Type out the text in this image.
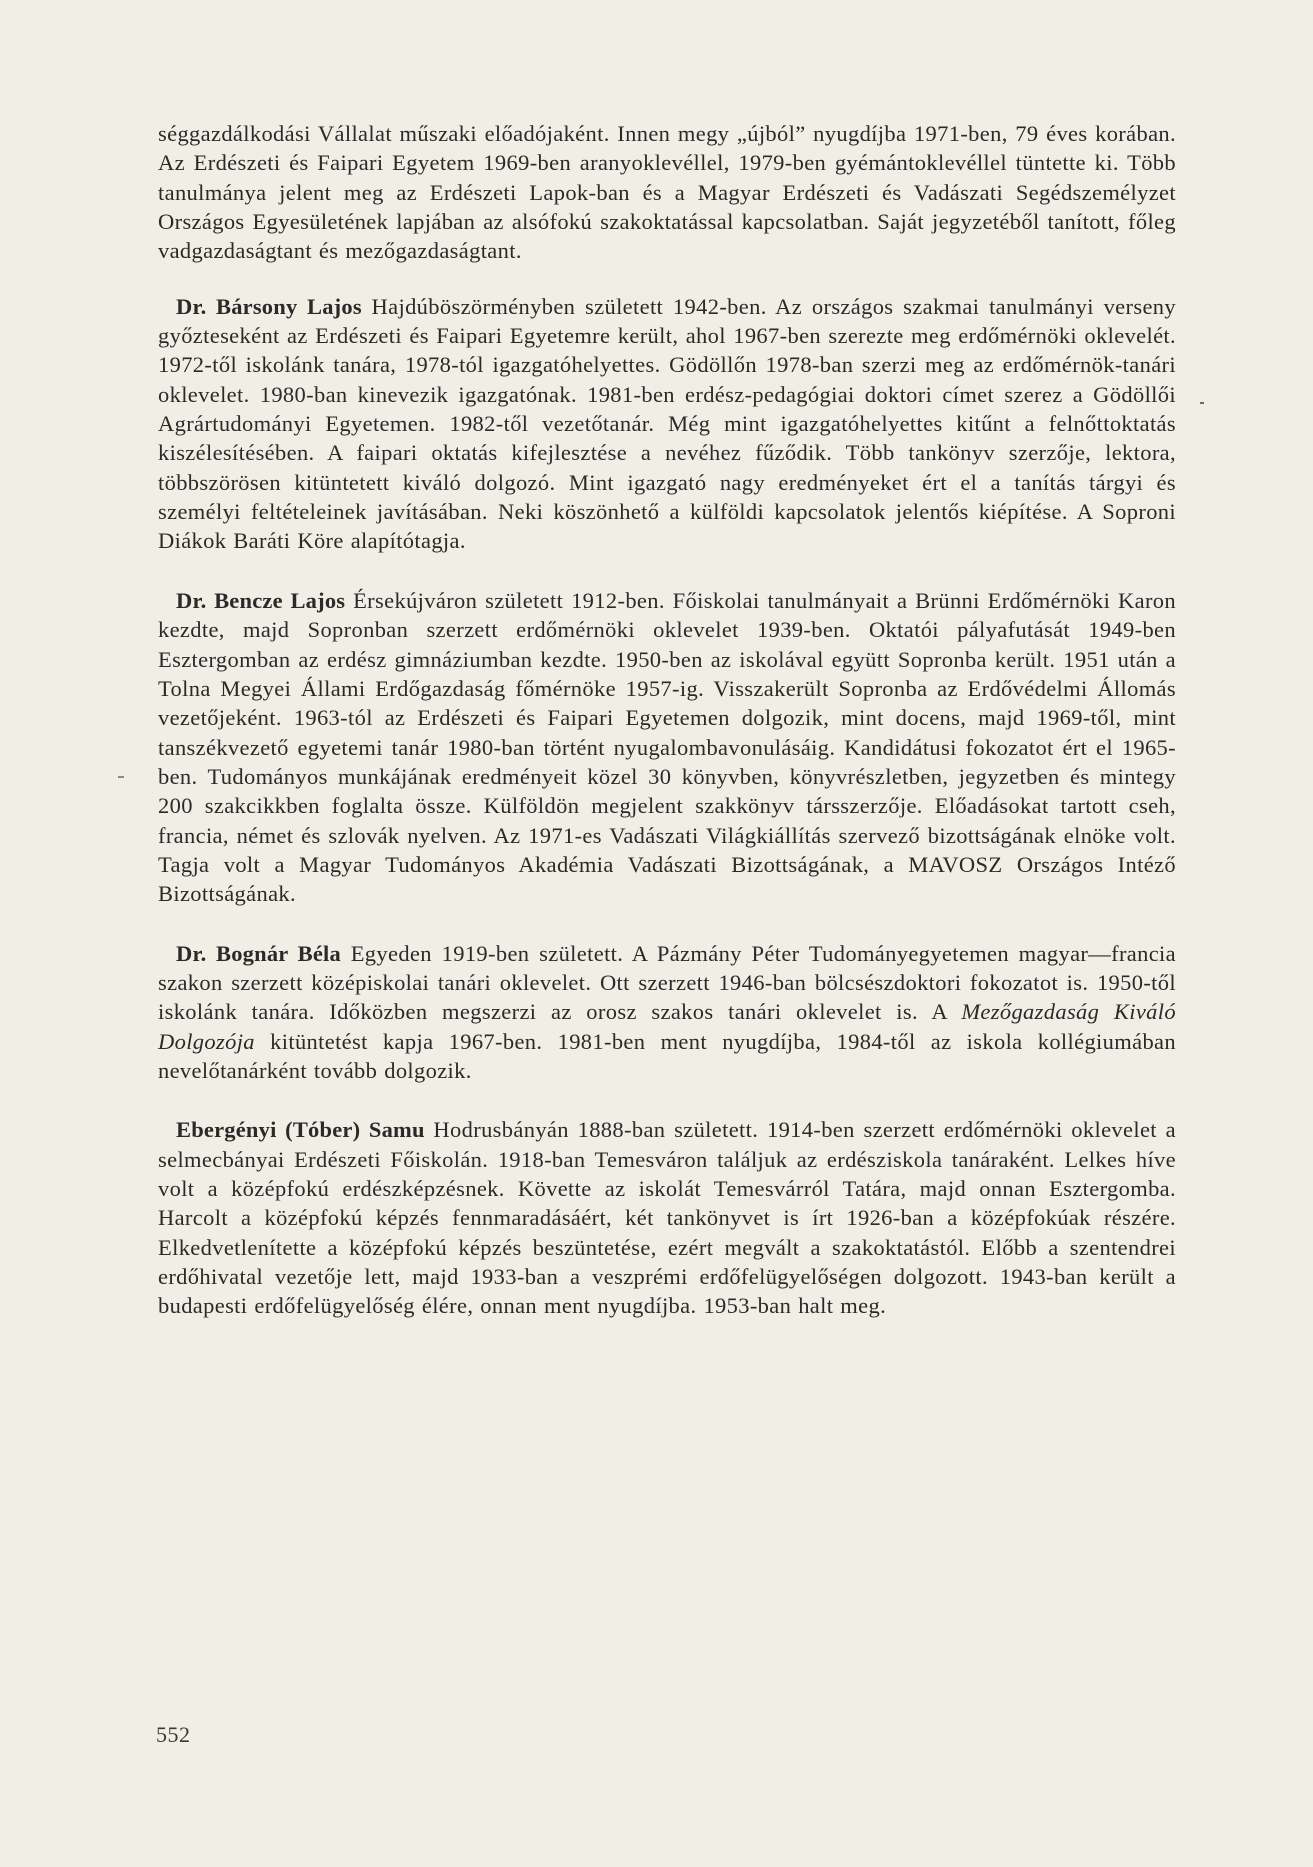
séggazdálkodási Vállalat műszaki előadójaként. Innen megy „újból” nyugdíjba 1971-ben, 79 éves korában. Az Erdészeti és Faipari Egyetem 1969-ben aranyoklevéllel, 1979-ben gyémántoklevéllel tüntette ki. Több tanulmánya jelent meg az Erdészeti Lapok-ban és a Magyar Erdészeti és Vadászati Segédszemélyzet Országos Egyesületének lapjában az alsófokú szakoktatással kapcsolatban. Saját jegyzetéből tanított, főleg vadgazdaságtant és mezőgazdaságtant.

Dr. Bársony Lajos Hajdúböszörményben született 1942-ben. Az országos szakmai tanulmányi verseny győzteseként az Erdészeti és Faipari Egyetemre került, ahol 1967-ben szerezte meg erdőmérnöki oklevelét. 1972-től iskolánk tanára, 1978-tól igazgatóhelyettes. Gödöllőn 1978-ban szerzi meg az erdőmérnök-tanári oklevelet. 1980-ban kinevezik igazgatónak. 1981-ben erdész-pedagógiai doktori címet szerez a Gödöllői Agrártudományi Egyetemen. 1982-től vezetőtanár. Még mint igazgatóhelyettes kitűnt a felnőttoktatás kiszélesítésében. A faipari oktatás kifejlesztése a nevéhez fűződik. Több tankönyv szerzője, lektora, többszörösen kitüntetett kiváló dolgozó. Mint igazgató nagy eredményeket ért el a tanítás tárgyi és személyi feltételeinek javításában. Neki köszönhető a külföldi kapcsolatok jelentős kiépítése. A Soproni Diákok Baráti Köre alapítótagja.

Dr. Bencze Lajos Érsekújváron született 1912-ben. Főiskolai tanulmányait a Brünni Erdőmérnöki Karon kezdte, majd Sopronban szerzett erdőmérnöki oklevelet 1939-ben. Oktatói pályafutását 1949-ben Esztergomban az erdész gimnáziumban kezdte. 1950-ben az iskolával együtt Sopronba került. 1951 után a Tolna Megyei Állami Erdőgazdaság főmérnöke 1957-ig. Visszakerült Sopronba az Erdővédelmi Állomás vezetőjeként. 1963-tól az Erdészeti és Faipari Egyetemen dolgozik, mint docens, majd 1969-től, mint tanszékvezető egyetemi tanár 1980-ban történt nyugalombavonulásáig. Kandidátusi fokozatot ért el 1965-ben. Tudományos munkájának eredményeit közel 30 könyvben, könyvrészletben, jegyzetben és mintegy 200 szakcikkben foglalta össze. Külföldön megjelent szakkönyv társszerzője. Előadásokat tartott cseh, francia, német és szlovák nyelven. Az 1971-es Vadászati Világkiállítás szervező bizottságának elnöke volt. Tagja volt a Magyar Tudományos Akadémia Vadászati Bizottságának, a MAVOSZ Országos Intéző Bizottságának.

Dr. Bognár Béla Egyeden 1919-ben született. A Pázmány Péter Tudományegyetemen magyar—francia szakon szerzett középiskolai tanári oklevelet. Ott szerzett 1946-ban bölcsészdoktori fokozatot is. 1950-től iskolánk tanára. Időközben megszerzi az orosz szakos tanári oklevelet is. A Mezőgazdaság Kiváló Dolgozója kitüntetést kapja 1967-ben. 1981-ben ment nyugdíjba, 1984-től az iskola kollégiumában nevelőtanárként tovább dolgozik.

Ebergényi (Tóber) Samu Hodrusbányán 1888-ban született. 1914-ben szerzett erdőmérnöki oklevelet a selmecbányai Erdészeti Főiskolán. 1918-ban Temesváron találjuk az erdésziskola tanáraként. Lelkes híve volt a középfokú erdészképzésnek. Követte az iskolát Temesvárról Tatára, majd onnan Esztergomba. Harcolt a középfokú képzés fennmaradásáért, két tankönyvet is írt 1926-ban a középfokúak részére. Elkedvetlenítette a középfokú képzés beszüntetése, ezért megvált a szakoktatástól. Előbb a szentendrei erdőhivatal vezetője lett, majd 1933-ban a veszprémi erdőfelügyelőségen dolgozott. 1943-ban került a budapesti erdőfelügyelőség élére, onnan ment nyugdíjba. 1953-ban halt meg.

552
